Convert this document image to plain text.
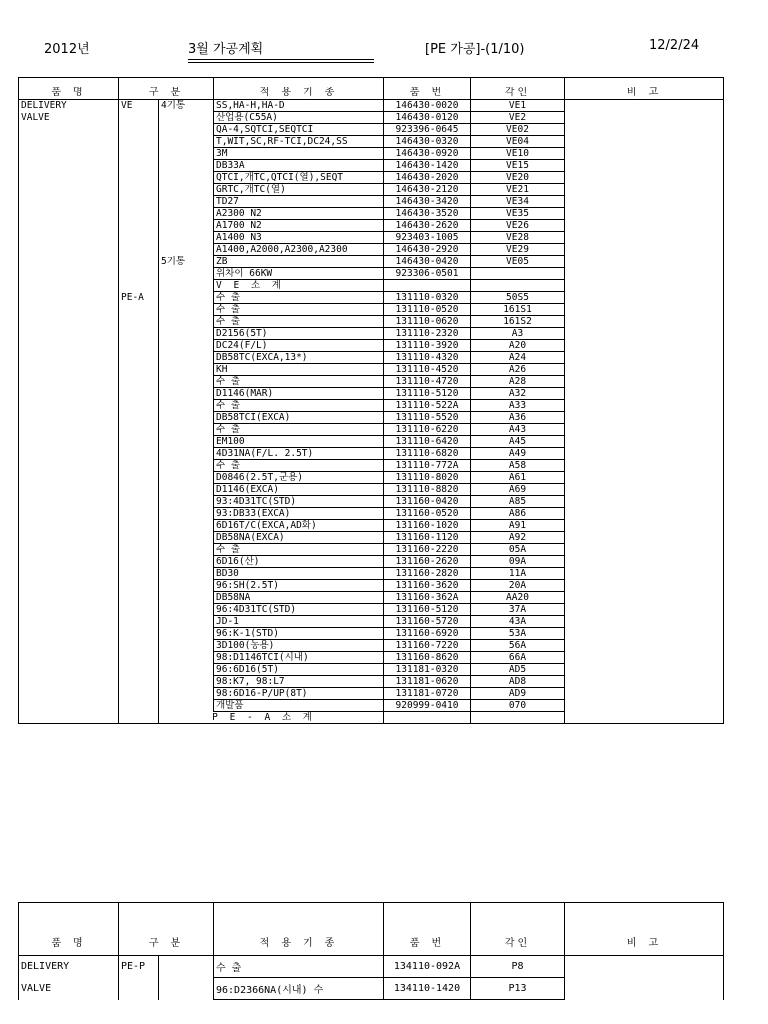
2012년	3월 가공계획	[PE 가공]-(1/10)	12/2/24

품 명	구 분		적 용 기 종	품 번	각인	비 고
DELIVERY	VE	4기통	SS,HA-H,HA-D	146430-0020	VE1	
VALVE			산업용(C55A)	146430-0120	VE2	
			QA-4,SQTCI,SEQTCI	923396-0645	VE02	
			T,WIT,SC,RF-TCI,DC24,SS	146430-0320	VE04	
			3M	146430-0920	VE10	
			DB33A	146430-1420	VE15	
			QTCI,개TC,QTCI(열),SEQT	146430-2020	VE20	
			GRTC,개TC(열)	146430-2120	VE21	
			TD27	146430-3420	VE34	
			A2300 N2	146430-3520	VE35	
			A1700 N2	146430-2620	VE26	
			A1400 N3	923403-1005	VE28	
			A1400,A2000,A2300,A2300	146430-2920	VE29	
		5기통	ZB	146430-0420	VE05	
			위차이 66KW	923306-0501		
			V E 소 계			
	PE-A		수 출	131110-0320	50S5	
			수 출	131110-0520	161S1	
			수 출	131110-0620	161S2	
			D2156(5T)	131110-2320	A3	
			DC24(F/L)	131110-3920	A20	
			DB58TC(EXCA,13*)	131110-4320	A24	
			KH	131110-4520	A26	
			수 출	131110-4720	A28	
			D1146(MAR)	131110-5120	A32	
			수 출	131110-522A	A33	
			DB58TCI(EXCA)	131110-5520	A36	
			수 출	131110-6220	A43	
			EM100	131110-6420	A45	
			4D31NA(F/L. 2.5T)	131110-6820	A49	
			수 출	131110-772A	A58	
			D0846(2.5T,군용)	131110-8020	A61	
			D1146(EXCA)	131110-8820	A69	
			93:4D31TC(STD)	131160-0420	A85	
			93:DB33(EXCA)	131160-0520	A86	
			6D16T/C(EXCA,AD화)	131160-1020	A91	
			DB58NA(EXCA)	131160-1120	A92	
			수 출	131160-2220	05A	
			6D16(산)	131160-2620	09A	
			BD30	131160-2820	11A	
			96:SH(2.5T)	131160-3620	20A	
			DB58NA	131160-362A	AA20	
			96:4D31TC(STD)	131160-5120	37A	
			JD-1	131160-5720	43A	
			96:K-1(STD)	131160-6920	53A	
			3D100(농용)	131160-7220	56A	
			98:D1146TCI(시내)	131160-8620	66A	
			96:6D16(5T)	131181-0320	AD5	
			98:K7, 98:L7	131181-0620	AD8	
			98:6D16-P/UP(8T)	131181-0720	AD9	
			개발품	920999-0410	070	
		P E - A 소 계				
품 명	구 분		적 용 기 종	품 번	각인	비 고
DELIVERY	PE-P		수 출	134110-092A	P8	
VALVE			96:D2366NA(시내) 수	134110-1420	P13	
